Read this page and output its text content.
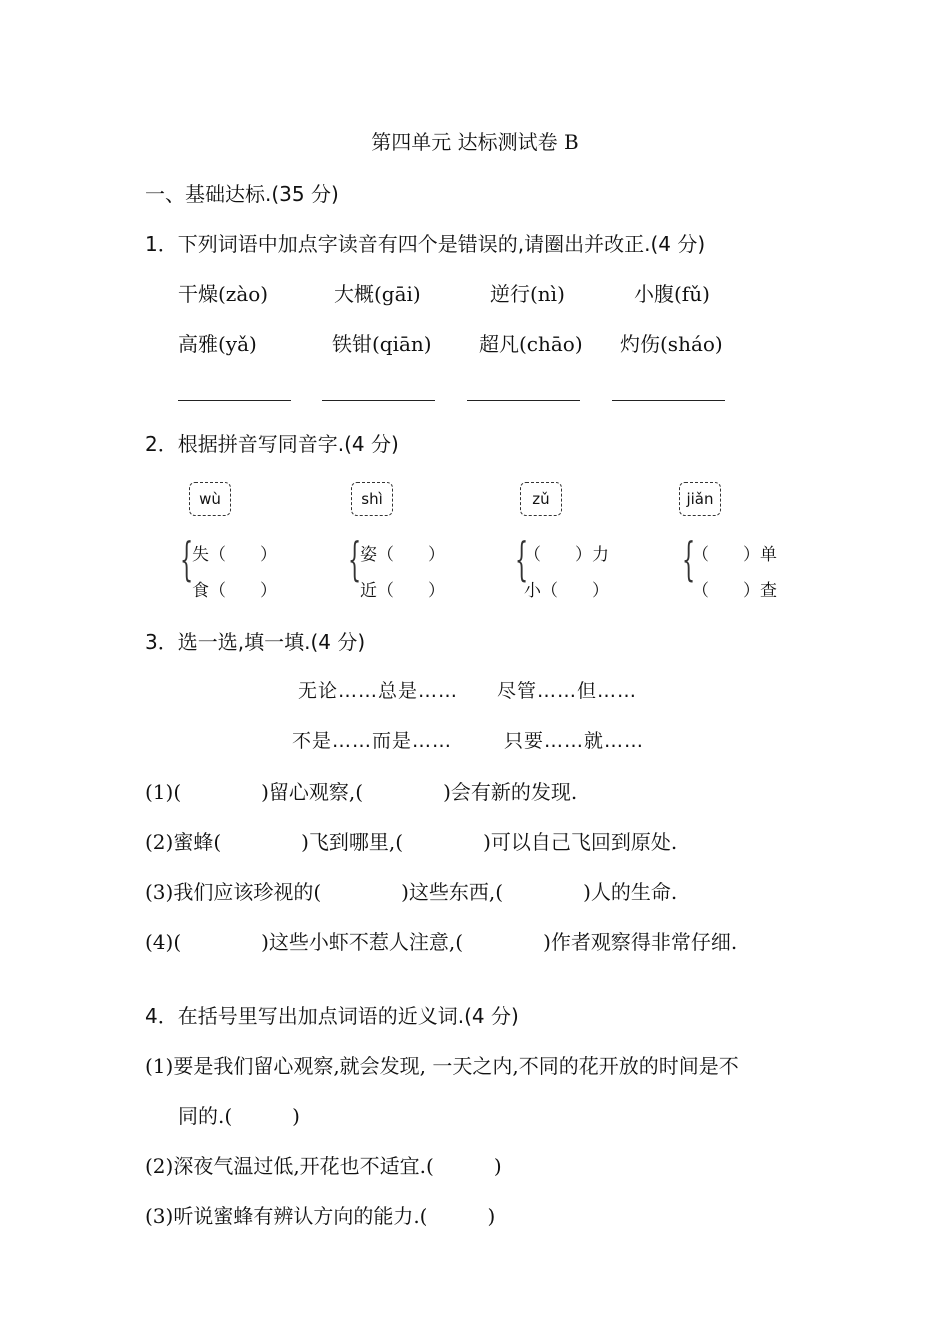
第四单元 达标测试卷 B
一、基础达标.(35 分)
1．下列词语中加点字读音有四个是错误的,请圈出并改正.(4 分)
干燥(zào)	大概(gāi)	逆行(nì)	小腹(fǔ)
高雅(yǎ)	铁钳(qiān) 超凡(chāo) 灼伤(sháo)
2．根据拼音写同音字.(4 分)
wù	shì	zǔ	jiǎn
{
失（　　）
食（　　）
{
姿（　　）
近（　　）
{
（　　）力
小（　　）
{
（　　）单
（　　）查
3．选一选,填一填.(4 分)
无论……总是…… 尽管……但……
不是……而是……	只要……就……
(1)(　　　　)留心观察,(　　　　)会有新的发现.
(2)蜜蜂(　　　　)飞到哪里,(　　　　)可以自己飞回到原处.
(3)我们应该珍视的(　　　　)这些东西,(　　　　)人的生命.
(4)(　　　　)这些小虾不惹人注意,(　　　　)作者观察得非常仔细.
4．在括号里写出加点词语的近义词.(4 分)
(1)要是我们留心观察,就会发现, 一天之内,不同的花开放的时间是不
同的.(　　　)
(2)深夜气温过低,开花也不适宜.(　　　)
(3)听说蜜蜂有辨认方向的能力.(　　　)
